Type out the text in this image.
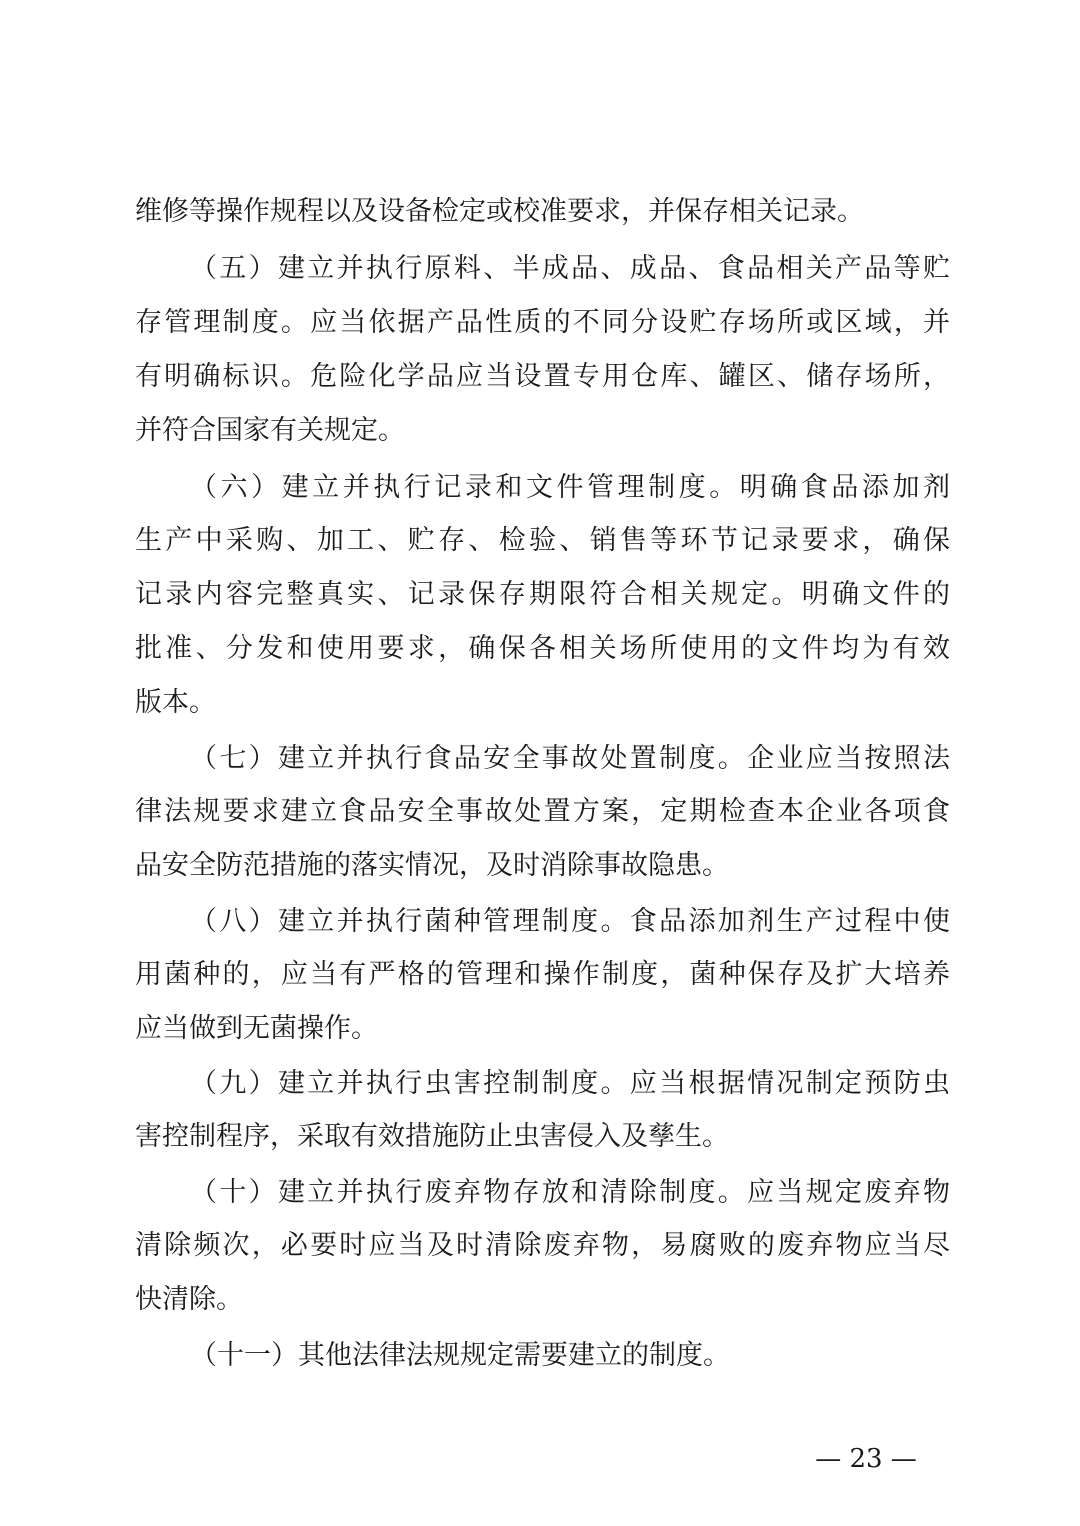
维修等操作规程以及设备检定或校准要求，并保存相关记录。
（五）建立并执行原料、半成品、成品、食品相关产品等贮
存管理制度。应当依据产品性质的不同分设贮存场所或区域，并
有明确标识。危险化学品应当设置专用仓库、罐区、储存场所，
并符合国家有关规定。
（六）建立并执行记录和文件管理制度。明确食品添加剂
生产中采购、加工、贮存、检验、销售等环节记录要求，确保
记录内容完整真实、记录保存期限符合相关规定。明确文件的
批准、分发和使用要求，确保各相关场所使用的文件均为有效
版本。
（七）建立并执行食品安全事故处置制度。企业应当按照法
律法规要求建立食品安全事故处置方案，定期检查本企业各项食
品安全防范措施的落实情况，及时消除事故隐患。
（八）建立并执行菌种管理制度。食品添加剂生产过程中使
用菌种的，应当有严格的管理和操作制度，菌种保存及扩大培养
应当做到无菌操作。
（九）建立并执行虫害控制制度。应当根据情况制定预防虫
害控制程序，采取有效措施防止虫害侵入及孳生。
（十）建立并执行废弃物存放和清除制度。应当规定废弃物
清除频次，必要时应当及时清除废弃物，易腐败的废弃物应当尽
快清除。
（十一）其他法律法规规定需要建立的制度。
— 23 —
